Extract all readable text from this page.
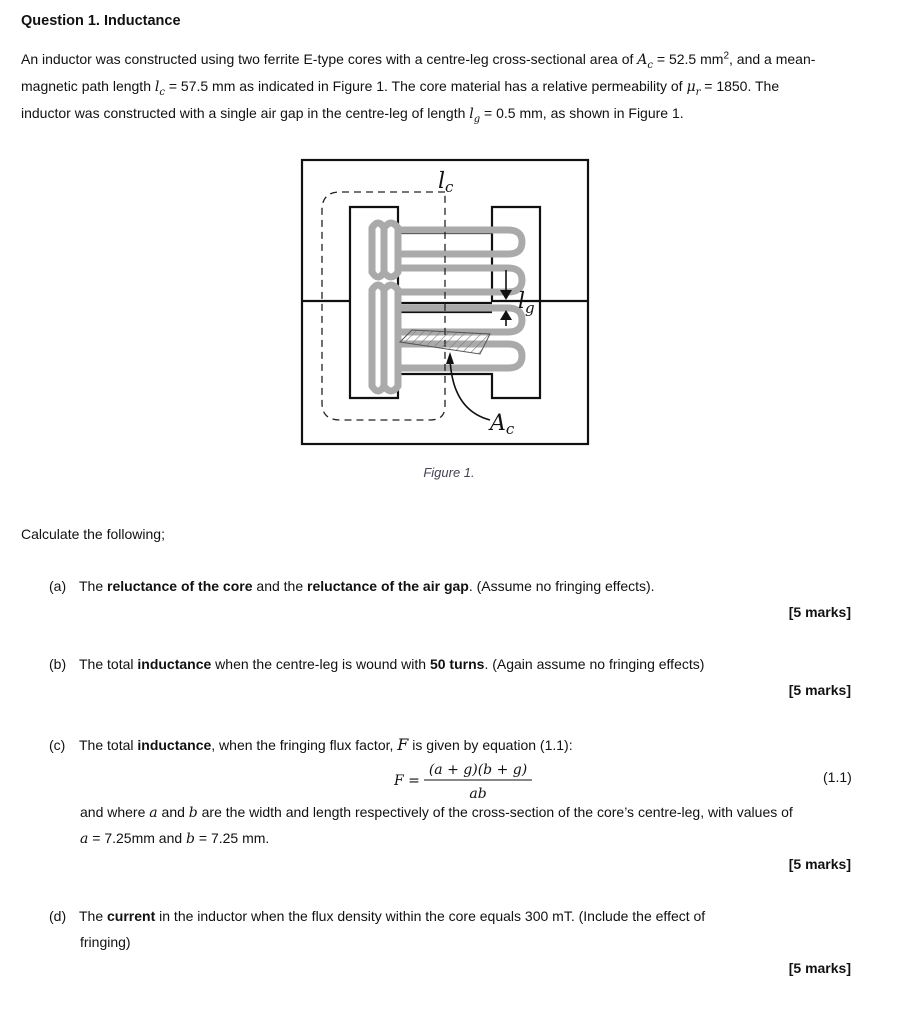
Question 1. Inductance
An inductor was constructed using two ferrite E-type cores with a centre-leg cross-sectional area of $A_c = 52.5$ $mm^2$, and a mean-
magnetic path length $l_c = 57.5$ mm as indicated in Figure 1. The core material has a relative permeability of $\mu_r = 1850$. The
inductor was constructed with a single air gap in the centre-leg of length $l_g = 0.5$ mm, as shown in Figure 1.
lc
$l_g$
Ac
Figure 1.
Calculate the following;
(a) The reluctance of the core and the reluctance of the air gap. (Assume no fringing effects).
[5 marks]
(b) The total inductance when the centre-leg is wound with 50 turns. (Again assume no fringing effects)
[5 marks]
(c) The total inductance, when the fringing flux factor, F is given by equation (1.1):
F =
(a + g)(b + g)
ab
(1.1)
and where a and b are the width and length respectively of the cross-section of the core’s centre-leg, with values of
a = 7.25mm and b = 7.25 mm.
[5 marks]
(d) The current in the inductor when the flux density within the core equals 300 mT. (Include the effect of
fringing)
[5 marks]
